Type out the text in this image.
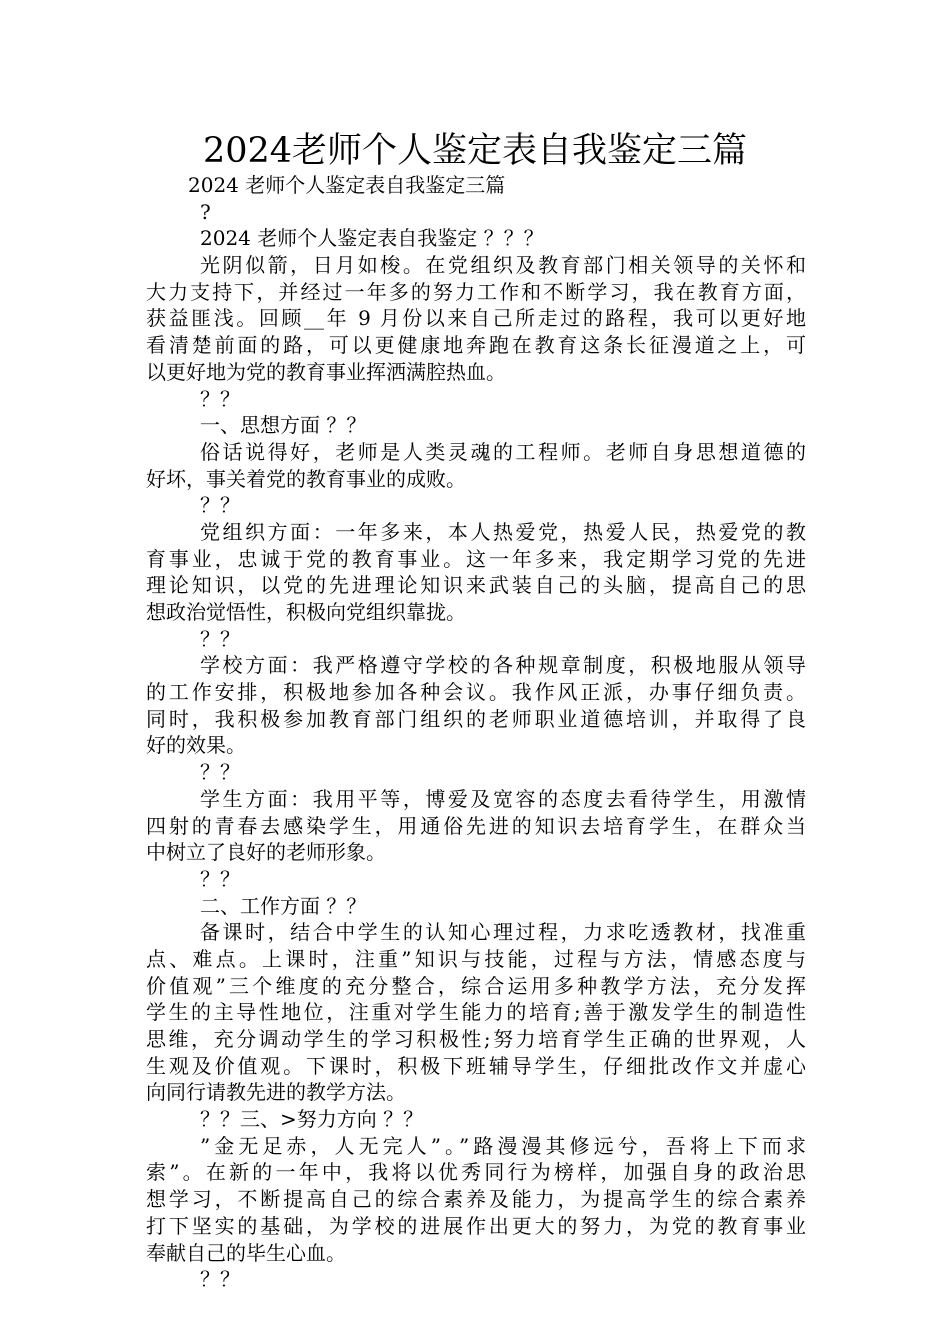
2024老师个人鉴定表自我鉴定三篇
2024 老师个人鉴定表自我鉴定三篇
?
2024 老师个人鉴定表自我鉴定 ？？？
光阴似箭，日月如梭。在党组织及教育部门相关领导的关怀和
大力支持下，并经过一年多的努力工作和不断学习，我在教育方面，
获益匪浅。回顾__年 9 月份以来自己所走过的路程，我可以更好地
看清楚前面的路，可以更健康地奔跑在教育这条长征漫道之上，可
以更好地为党的教育事业挥洒满腔热血。
？？
一、思想方面 ？？
俗话说得好，老师是人类灵魂的工程师。老师自身思想道德的
好坏，事关着党的教育事业的成败。
？？
党组织方面：一年多来，本人热爱党，热爱人民，热爱党的教
育事业，忠诚于党的教育事业。这一年多来，我定期学习党的先进
理论知识，以党的先进理论知识来武装自己的头脑，提高自己的思
想政治觉悟性，积极向党组织靠拢。
？？
学校方面：我严格遵守学校的各种规章制度，积极地服从领导
的工作安排，积极地参加各种会议。我作风正派，办事仔细负责。
同时，我积极参加教育部门组织的老师职业道德培训，并取得了良
好的效果。
？？
学生方面：我用平等，博爱及宽容的态度去看待学生，用激情
四射的青春去感染学生，用通俗先进的知识去培育学生，在群众当
中树立了良好的老师形象。
？？
二、工作方面 ？？
备课时，结合中学生的认知心理过程，力求吃透教材，找准重
点、难点。上课时，注重”知识与技能，过程与方法，情感态度与
价值观”三个维度的充分整合，综合运用多种教学方法，充分发挥
学生的主导性地位，注重对学生能力的培育;善于激发学生的制造性
思维，充分调动学生的学习积极性;努力培育学生正确的世界观，人
生观及价值观。下课时，积极下班辅导学生，仔细批改作文并虚心
向同行请教先进的教学方法。
？？三、>努力方向 ？？
”金无足赤，人无完人”。”路漫漫其修远兮，吾将上下而求
索”。在新的一年中，我将以优秀同行为榜样，加强自身的政治思
想学习，不断提高自己的综合素养及能力，为提高学生的综合素养
打下坚实的基础，为学校的进展作出更大的努力，为党的教育事业
奉献自己的毕生心血。
？？
